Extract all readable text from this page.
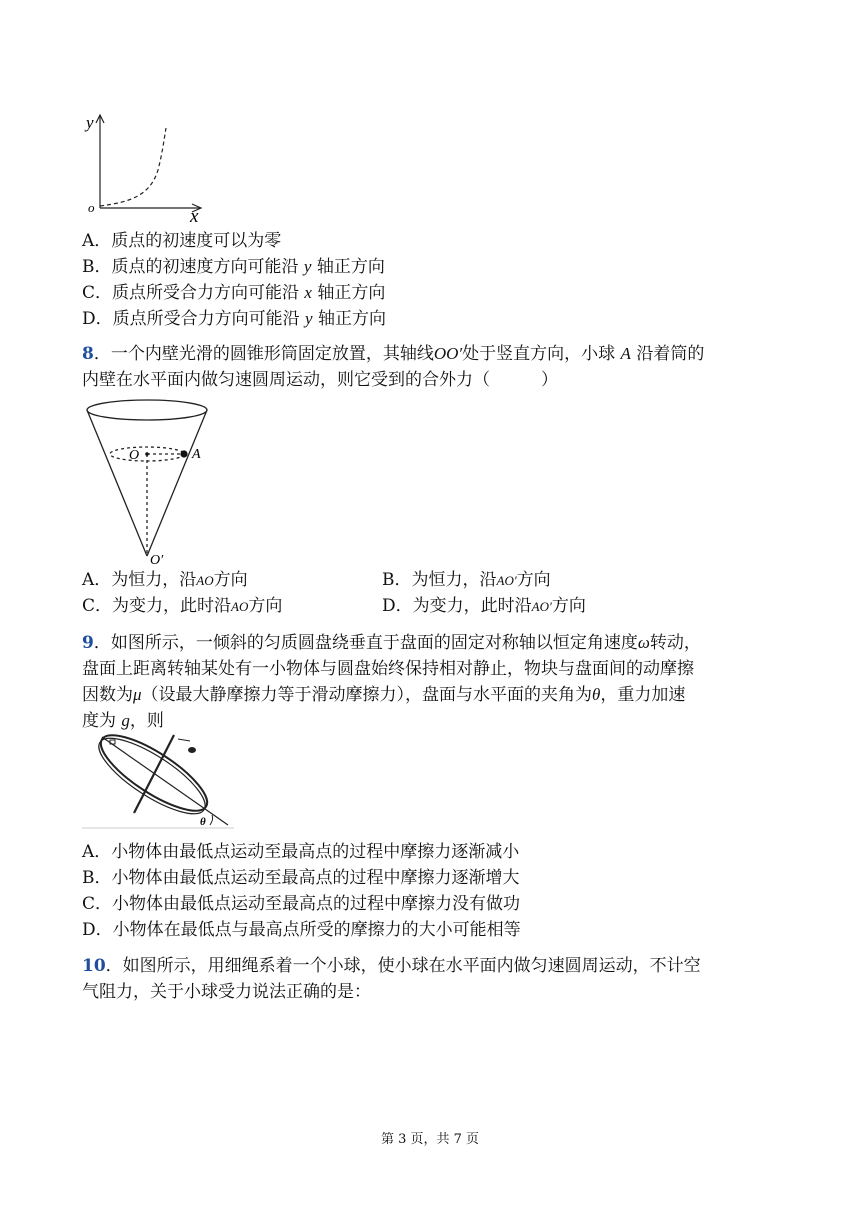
y
x
o
A．质点的初速度可以为零
B．质点的初速度方向可能沿 y 轴正方向
C．质点所受合力方向可能沿 x 轴正方向
D．质点所受合力方向可能沿 y 轴正方向
8．一个内壁光滑的圆锥形筒固定放置，其轴线OO′处于竖直方向，小球 A 沿着筒的
内壁在水平面内做匀速圆周运动，则它受到的合外力（　　　）
O	A
O′
A．为恒力，沿AO方向	B．为恒力，沿AO′方向
C．为变力，此时沿AO方向	D．为变力，此时沿AO′方向
9．如图所示，一倾斜的匀质圆盘绕垂直于盘面的固定对称轴以恒定角速度ω转动，
盘面上距离转轴某处有一小物体与圆盘始终保持相对静止，物块与盘面间的动摩擦
因数为μ（设最大静摩擦力等于滑动摩擦力），盘面与水平面的夹角为θ，重力加速
度为 g，则
θ
A．小物体由最低点运动至最高点的过程中摩擦力逐渐减小
B．小物体由最低点运动至最高点的过程中摩擦力逐渐增大
C．小物体由最低点运动至最高点的过程中摩擦力没有做功
D．小物体在最低点与最高点所受的摩擦力的大小可能相等
10．如图所示，用细绳系着一个小球，使小球在水平面内做匀速圆周运动，不计空
气阻力，关于小球受力说法正确的是：
第 3 页，共 7 页
